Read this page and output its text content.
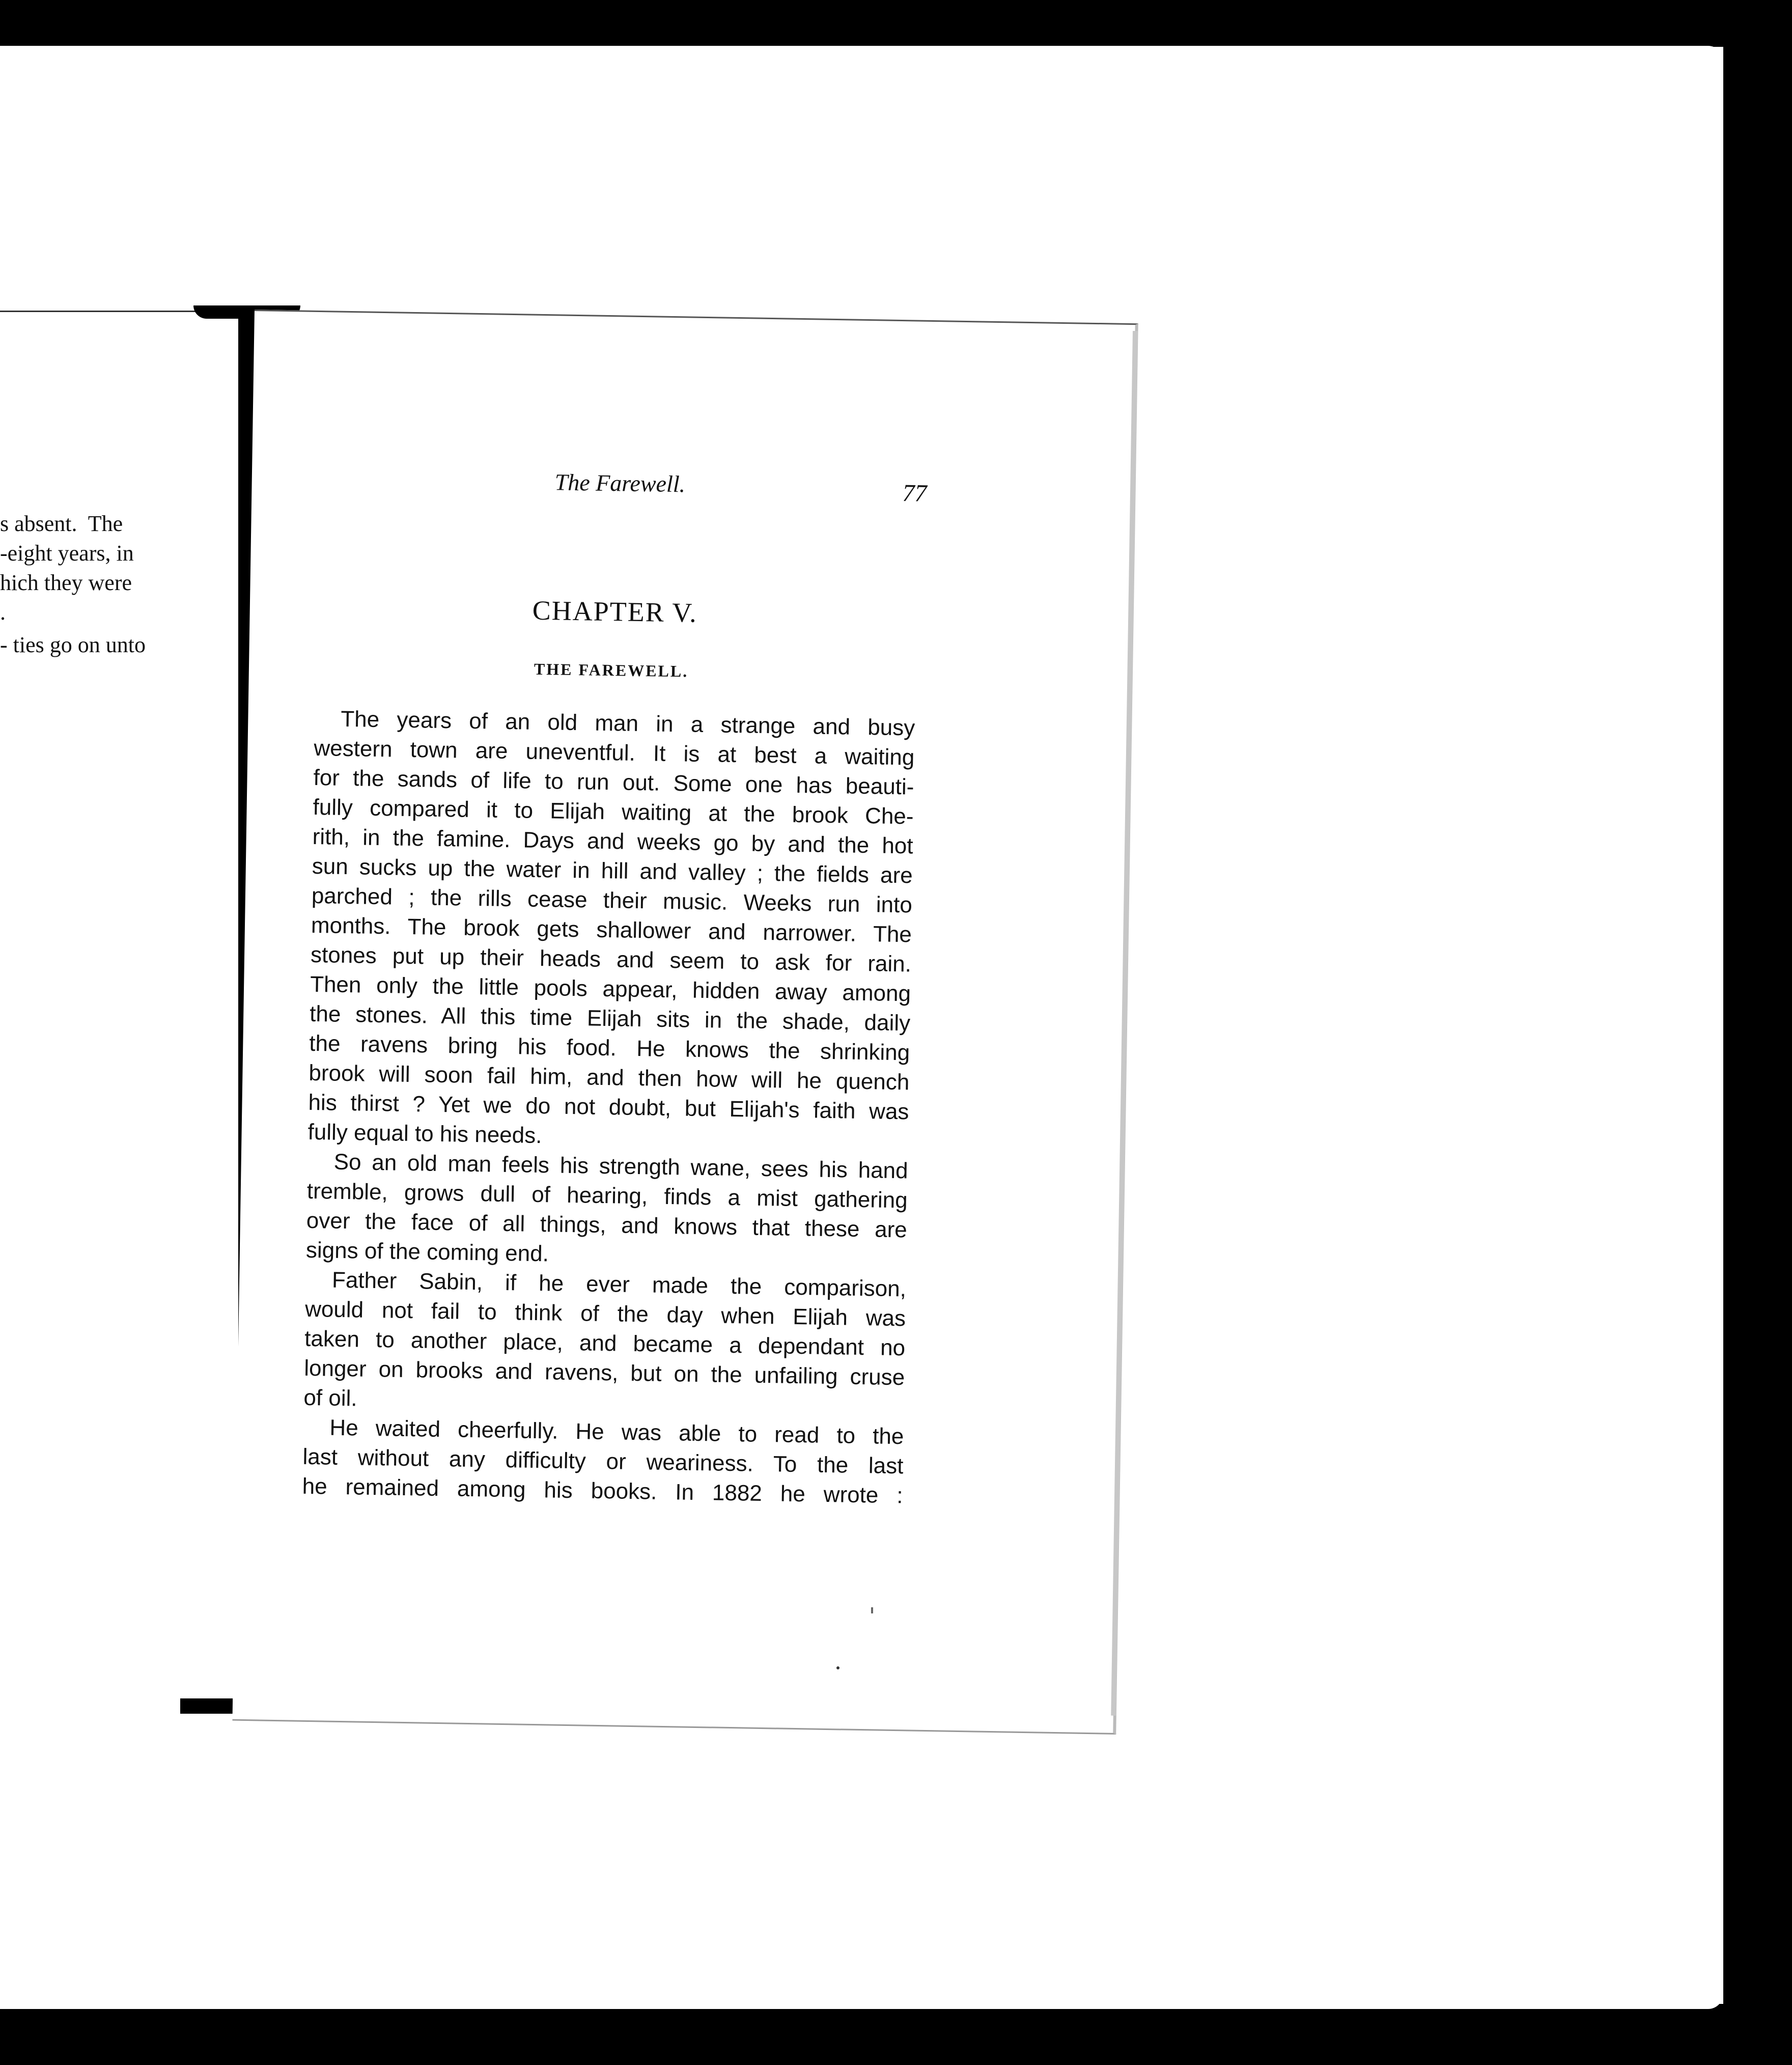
s absent.  The
-eight years, in
hich they were
.
- ties go on unto
The Farewell.	77
CHAPTER V.
THE FAREWELL.
The years of an old man in a strange and busy
western town are uneventful. It is at best a waiting
for the sands of life to run out. Some one has beauti-
fully compared it to Elijah waiting at the brook Che-
rith, in the famine. Days and weeks go by and the hot
sun sucks up the water in hill and valley ; the fields are
parched ; the rills cease their music. Weeks run into
months. The brook gets shallower and narrower. The
stones put up their heads and seem to ask for rain.
Then only the little pools appear, hidden away among
the stones. All this time Elijah sits in the shade, daily
the ravens bring his food. He knows the shrinking
brook will soon fail him, and then how will he quench
his thirst ? Yet we do not doubt, but Elijah's faith was
fully equal to his needs.
So an old man feels his strength wane, sees his hand
tremble, grows dull of hearing, finds a mist gathering
over the face of all things, and knows that these are
signs of the coming end.
Father Sabin, if he ever made the comparison,
would not fail to think of the day when Elijah was
taken to another place, and became a dependant no
longer on brooks and ravens, but on the unfailing cruse
of oil.
He waited cheerfully. He was able to read to the
last without any difficulty or weariness. To the last
he remained among his books. In 1882 he wrote :
